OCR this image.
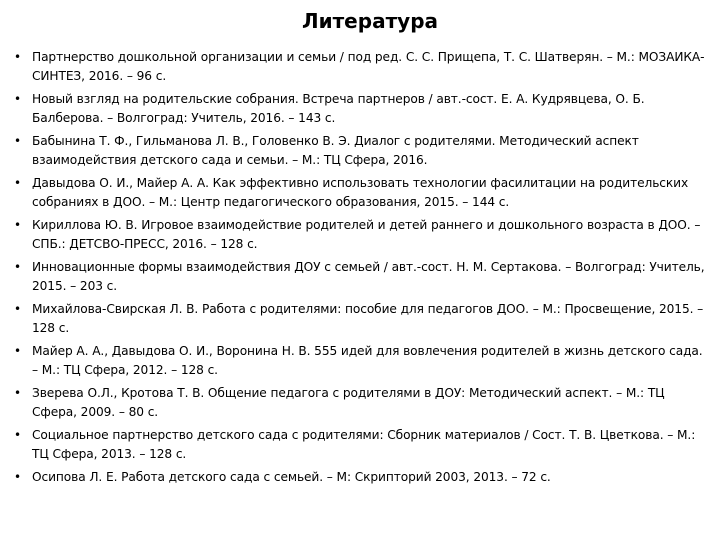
Литература
• Партнерство дошкольной организации и семьи / под ред. С. С. Прищепа, Т. С. Шатверян. – М.: МОЗАИКА-СИНТЕЗ, 2016. – 96 с.
• Новый взгляд на родительские собрания. Встреча партнеров / авт.-сост. Е. А. Кудрявцева, О. Б. Балберова. – Волгоград: Учитель, 2016. – 143 с.
• Бабынина Т. Ф., Гильманова Л. В., Головенко В. Э. Диалог с родителями. Методический аспект взаимодействия детского сада и семьи. – М.: ТЦ Сфера, 2016.
• Давыдова О. И., Майер А. А. Как эффективно использовать технологии фасилитации на родительских собраниях в ДОО. – М.: Центр педагогического образования, 2015. – 144 с.
• Кириллова Ю. В. Игровое взаимодействие родителей и детей раннего и дошкольного возраста в ДОО. – СПБ.: ДЕТСВО-ПРЕСС, 2016. – 128 с.
• Инновационные формы взаимодействия ДОУ с семьей / авт.-сост. Н. М. Сертакова. – Волгоград: Учитель, 2015. – 203 с.
• Михайлова-Свирская Л. В. Работа с родителями: пособие для педагогов ДОО. – М.: Просвещение, 2015. – 128 с.
• Майер А. А., Давыдова О. И., Воронина Н. В. 555 идей для вовлечения родителей в жизнь детского сада. – М.: ТЦ Сфера, 2012. – 128 с.
• Зверева О.Л., Кротова Т. В. Общение педагога с родителями в ДОУ: Методический аспект. – М.: ТЦ Сфера, 2009. – 80 с.
• Социальное партнерство детского сада с родителями: Сборник материалов / Сост. Т. В. Цветкова. – М.: ТЦ Сфера, 2013. – 128 с.
• Осипова Л. Е. Работа детского сада с семьей. – М: Скрипторий 2003, 2013. – 72 с.
